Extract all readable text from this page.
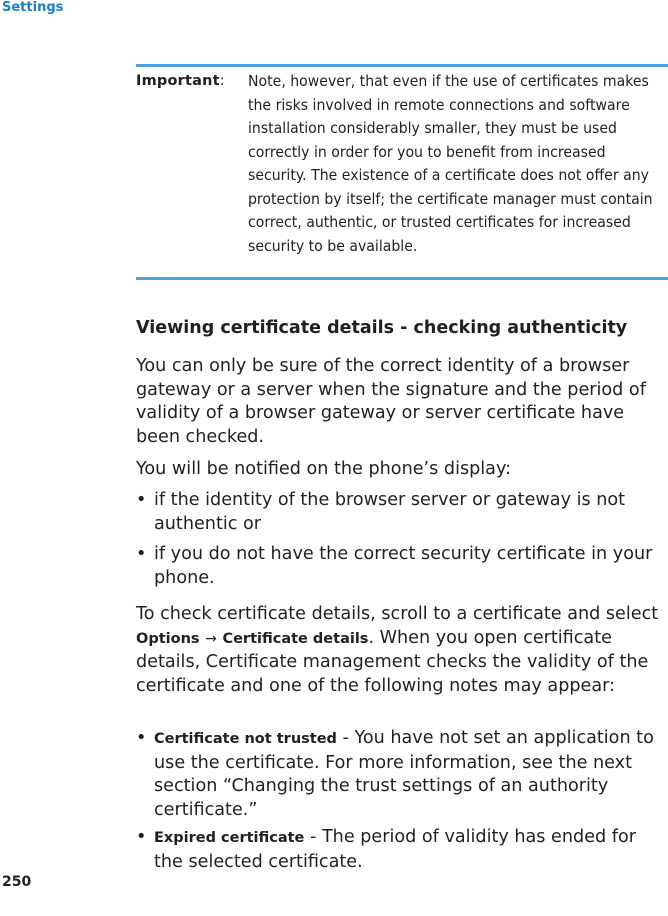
Settings
Important: Note, however, that even if the use of certificates makes the risks involved in remote connections and software installation considerably smaller, they must be used correctly in order for you to benefit from increased security. The existence of a certificate does not offer any protection by itself; the certificate manager must contain correct, authentic, or trusted certificates for increased security to be available.
Viewing certificate details - checking authenticity

You can only be sure of the correct identity of a browser gateway or a server when the signature and the period of validity of a browser gateway or server certificate have been checked.

You will be notified on the phone’s display:

• if the identity of the browser server or gateway is not authentic or
• if you do not have the correct security certificate in your phone.

To check certificate details, scroll to a certificate and select Options → Certificate details. When you open certificate details, Certificate management checks the validity of the certificate and one of the following notes may appear:

• Certificate not trusted - You have not set an application to use the certificate. For more information, see the next section “Changing the trust settings of an authority certificate.”
• Expired certificate - The period of validity has ended for the selected certificate.
250
